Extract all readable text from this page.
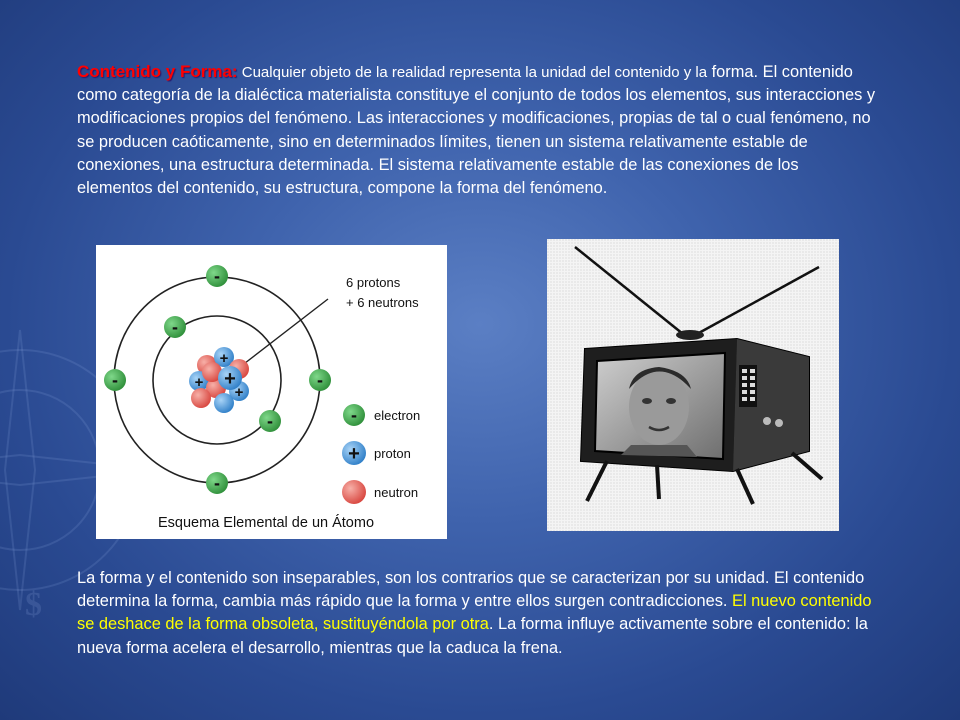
$

Contenido y Forma: Cualquier objeto de la realidad representa la unidad del contenido y la forma. El contenido como categoría de la dialéctica materialista constituye el conjunto de todos los elementos, sus interacciones y modificaciones propios del fenómeno. Las interacciones y modificaciones, propias de tal o cual fenómeno, no se producen caóticamente, sino en determinados límites, tienen un sistema relativamente estable de conexiones, una estructura determinada. El sistema relativamente estable de las conexiones de los elementos del contenido, su estructura, compone la forma del fenómeno.

6 protons
+ 6 neutrons
+
+
+
+
-
-
-	-
-
-	- electron
+ proton
neutron
Esquema Elemental de un Átomo

La forma y el contenido son inseparables, son los contrarios que se caracterizan por su unidad. El contenido determina la forma, cambia más rápido que la forma y entre ellos surgen contradicciones. El nuevo contenido se deshace de la forma obsoleta, sustituyéndola por otra. La forma influye activamente sobre el contenido: la nueva forma acelera el desarrollo, mientras que la caduca la frena.
